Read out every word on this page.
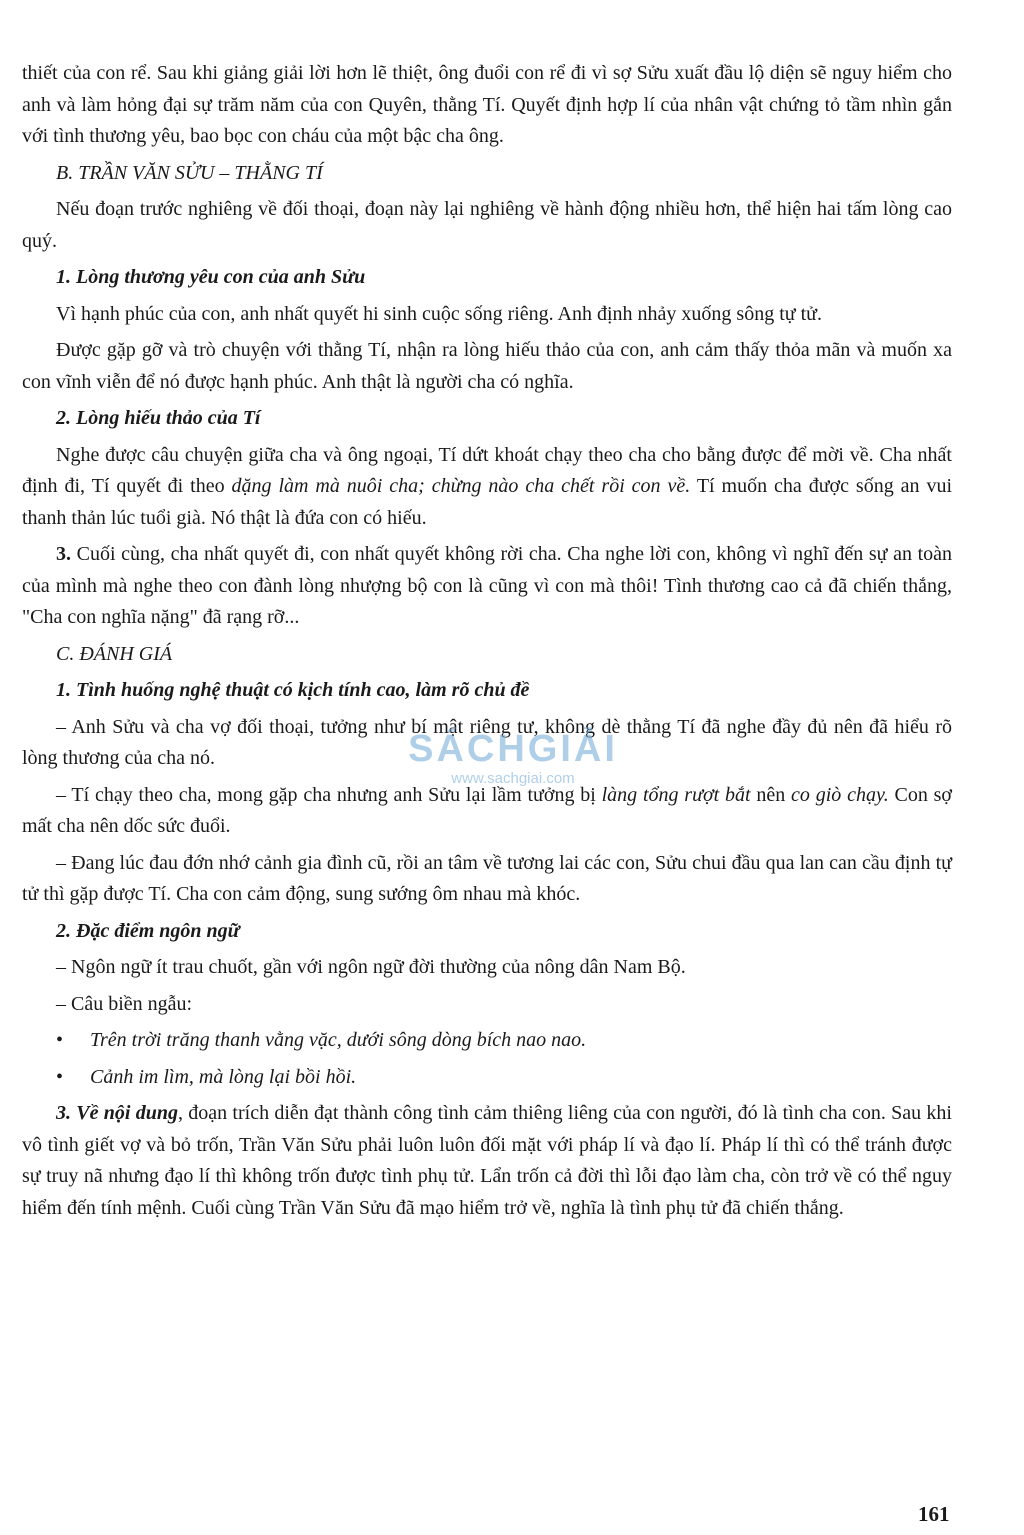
thiết của con rể. Sau khi giảng giải lời hơn lẽ thiệt, ông đuổi con rể đi vì sợ Sửu xuất đầu lộ diện sẽ nguy hiểm cho anh và làm hỏng đại sự trăm năm của con Quyên, thằng Tí. Quyết định hợp lí của nhân vật chứng tỏ tầm nhìn gắn với tình thương yêu, bao bọc con cháu của một bậc cha ông.

B. TRẦN VĂN SỬU – THẰNG TÍ

Nếu đoạn trước nghiêng về đối thoại, đoạn này lại nghiêng về hành động nhiều hơn, thể hiện hai tấm lòng cao quý.

1. Lòng thương yêu con của anh Sửu

Vì hạnh phúc của con, anh nhất quyết hi sinh cuộc sống riêng. Anh định nhảy xuống sông tự tử.

Được gặp gỡ và trò chuyện với thằng Tí, nhận ra lòng hiếu thảo của con, anh cảm thấy thỏa mãn và muốn xa con vĩnh viễn để nó được hạnh phúc. Anh thật là người cha có nghĩa.

2. Lòng hiếu thảo của Tí

Nghe được câu chuyện giữa cha và ông ngoại, Tí dứt khoát chạy theo cha cho bằng được để mời về. Cha nhất định đi, Tí quyết đi theo dặng làm mà nuôi cha; chừng nào cha chết rồi con về. Tí muốn cha được sống an vui thanh thản lúc tuổi già. Nó thật là đứa con có hiếu.

3. Cuối cùng, cha nhất quyết đi, con nhất quyết không rời cha. Cha nghe lời con, không vì nghĩ đến sự an toàn của mình mà nghe theo con đành lòng nhượng bộ con là cũng vì con mà thôi! Tình thương cao cả đã chiến thắng, "Cha con nghĩa nặng" đã rạng rỡ...

C. ĐÁNH GIÁ
1. Tình huống nghệ thuật có kịch tính cao, làm rõ chủ đề

– Anh Sửu và cha vợ đối thoại, tưởng như bí mật riêng tư, không dè thằng Tí đã nghe đầy đủ nên đã hiểu rõ lòng thương của cha nó.

– Tí chạy theo cha, mong gặp cha nhưng anh Sửu lại lầm tưởng bị làng tổng rượt bắt nên co giò chạy. Con sợ mất cha nên dốc sức đuổi.

– Đang lúc đau đớn nhớ cảnh gia đình cũ, rồi an tâm về tương lai các con, Sửu chui đầu qua lan can cầu định tự tử thì gặp được Tí. Cha con cảm động, sung sướng ôm nhau mà khóc.

2. Đặc điểm ngôn ngữ

– Ngôn ngữ ít trau chuốt, gần với ngôn ngữ đời thường của nông dân Nam Bộ.

– Câu biền ngẫu:

•	Trên trời trăng thanh vằng vặc, dưới sông dòng bích nao nao.

•	Cảnh im lìm, mà lòng lại bồi hồi.

3. Về nội dung, đoạn trích diễn đạt thành công tình cảm thiêng liêng của con người, đó là tình cha con. Sau khi vô tình giết vợ và bỏ trốn, Trần Văn Sửu phải luôn luôn đối mặt với pháp lí và đạo lí. Pháp lí thì có thể tránh được sự truy nã nhưng đạo lí thì không trốn được tình phụ tử. Lẩn trốn cả đời thì lỗi đạo làm cha, còn trở về có thể nguy hiểm đến tính mệnh. Cuối cùng Trần Văn Sửu đã mạo hiểm trở về, nghĩa là tình phụ tử đã chiến thắng.

SÁCHGIẢI
www.sachgiai.com
161
